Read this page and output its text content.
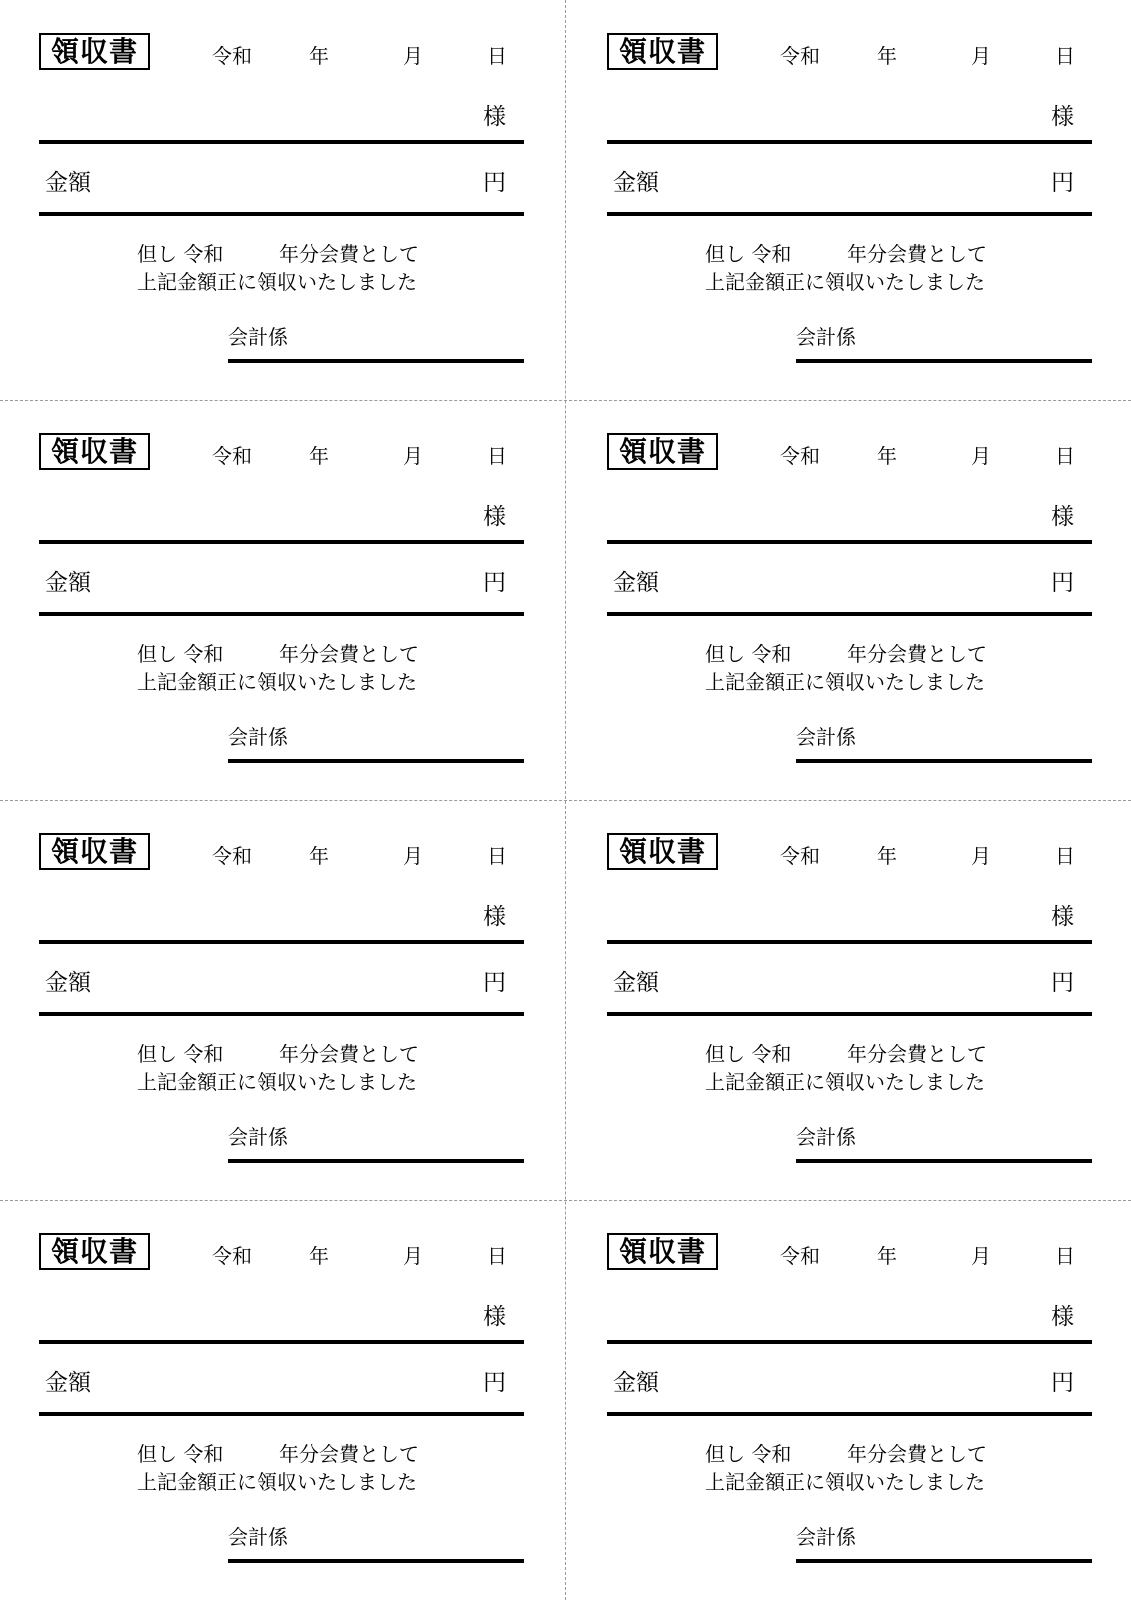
領収書	令和	年	月	日
様
金額	円
但し 令和	年分会費として
上記金額正に領収いたしました
会計係
領収書	令和	年	月	日
様
金額	円
但し 令和	年分会費として
上記金額正に領収いたしました
会計係
領収書	令和	年	月	日
様
金額	円
但し 令和	年分会費として
上記金額正に領収いたしました
会計係
領収書	令和	年	月	日
様
金額	円
但し 令和	年分会費として
上記金額正に領収いたしました
会計係
領収書	令和	年	月	日
様
金額	円
但し 令和	年分会費として
上記金額正に領収いたしました
会計係
領収書	令和	年	月	日
様
金額	円
但し 令和	年分会費として
上記金額正に領収いたしました
会計係
領収書	令和	年	月	日
様
金額	円
但し 令和	年分会費として
上記金額正に領収いたしました
会計係
領収書	令和	年	月	日
様
金額	円
但し 令和	年分会費として
上記金額正に領収いたしました
会計係
